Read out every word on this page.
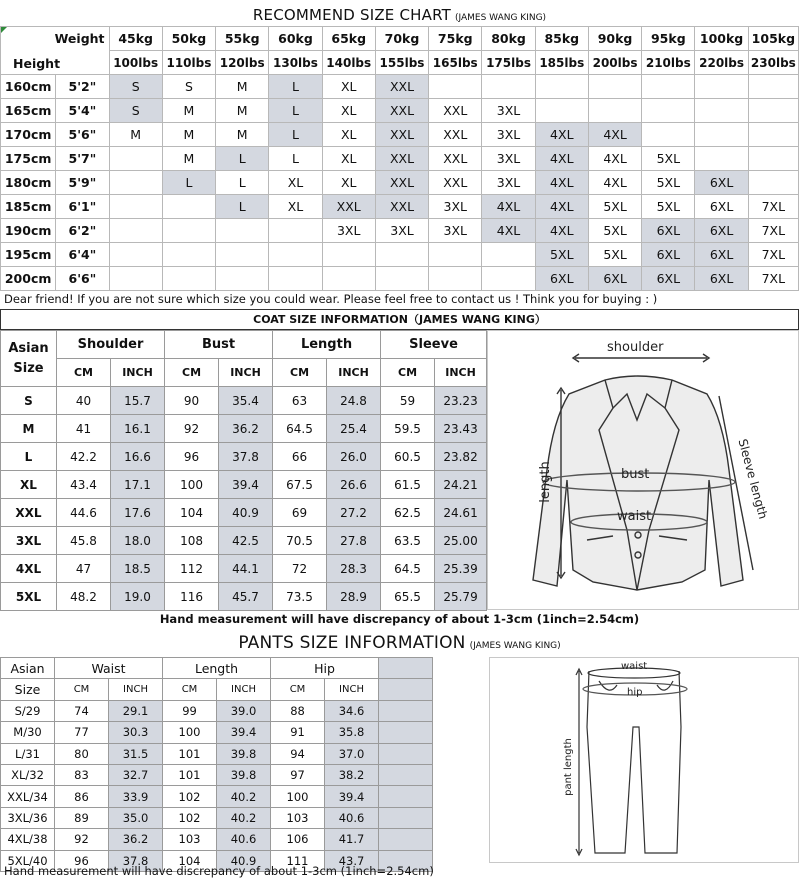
RECOMMEND SIZE CHART (JAMES WANG KING)
Weight
Height		45kg	50kg	55kg	60kg	65kg	70kg	75kg	80kg	85kg	90kg	95kg	100kg	105kg
		100lbs	110lbs	120lbs	130lbs	140lbs	155lbs	165lbs	175lbs	185lbs	200lbs	210lbs	220lbs	230lbs
160cm	5'2"	S	S	M	L	XL	XXL							
165cm	5'4"	S	M	M	L	XL	XXL	XXL	3XL					
170cm	5'6"	M	M	M	L	XL	XXL	XXL	3XL	4XL	4XL			
175cm	5'7"		M	L	L	XL	XXL	XXL	3XL	4XL	4XL	5XL		
180cm	5'9"		L	L	XL	XL	XXL	XXL	3XL	4XL	4XL	5XL	6XL	
185cm	6'1"			L	XL	XXL	XXL	3XL	4XL	4XL	5XL	5XL	6XL	7XL
190cm	6'2"					3XL	3XL	3XL	4XL	4XL	5XL	6XL	6XL	7XL
195cm	6'4"									5XL	5XL	6XL	6XL	7XL
200cm	6'6"									6XL	6XL	6XL	6XL	7XL
Dear friend! If you are not sure which size you could wear. Please feel free to contact us ! Think you for buying : )
COAT SIZE INFORMATION（JAMES WANG KING）
Asian
Size	Shoulder		Bust		Length		Sleeve	
	CM	INCH	CM	INCH	CM	INCH	CM	INCH
S	40	15.7	90	35.4	63	24.8	59	23.23
M	41	16.1	92	36.2	64.5	25.4	59.5	23.43
L	42.2	16.6	96	37.8	66	26.0	60.5	23.82
XL	43.4	17.1	100	39.4	67.5	26.6	61.5	24.21
XXL	44.6	17.6	104	40.9	69	27.2	62.5	24.61
3XL	45.8	18.0	108	42.5	70.5	27.8	63.5	25.00
4XL	47	18.5	112	44.1	72	28.3	64.5	25.39
5XL	48.2	19.0	116	45.7	73.5	28.9	65.5	25.79
shoulder
length	bust
waist	Sleeve length
Hand measurement will have discrepancy of about 1-3cm (1inch=2.54cm)
PANTS SIZE INFORMATION (JAMES WANG KING)
Asian	Waist		Length		Hip		
Size	CM	INCH	CM	INCH	CM	INCH	
S/29	74	29.1	99	39.0	88	34.6	
M/30	77	30.3	100	39.4	91	35.8	
L/31	80	31.5	101	39.8	94	37.0	
XL/32	83	32.7	101	39.8	97	38.2	
XXL/34	86	33.9	102	40.2	100	39.4	
3XL/36	89	35.0	102	40.2	103	40.6	
4XL/38	92	36.2	103	40.6	106	41.7	
5XL/40	96	37.8	104	40.9	111	43.7	
waist
hip
pant length
Hand measurement will have discrepancy of about 1-3cm (1inch=2.54cm)
